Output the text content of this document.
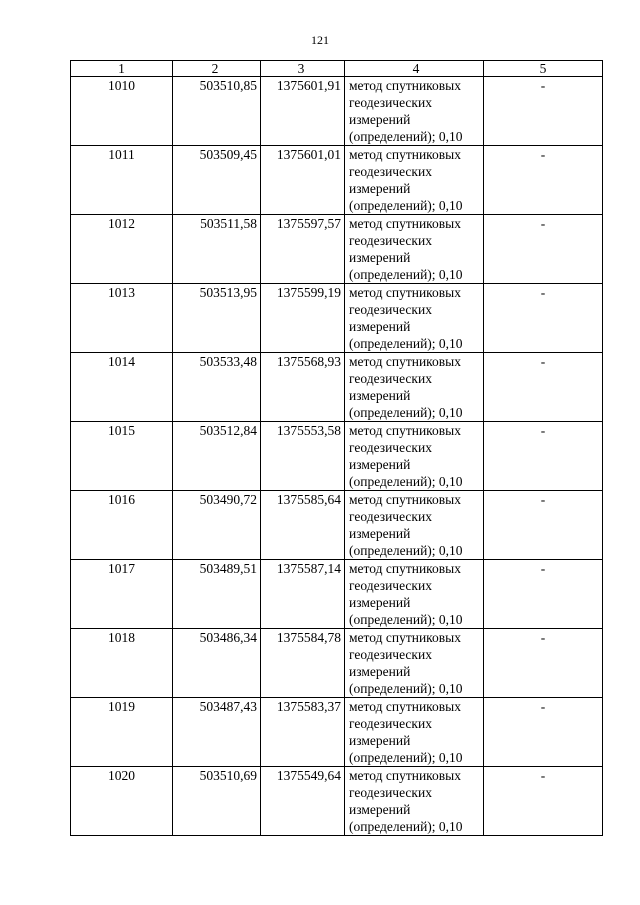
121
1	2	3	4	5
1010	503510,85	1375601,91	метод спутниковых геодезических измерений (определений); 0,10	-
1011	503509,45	1375601,01	метод спутниковых геодезических измерений (определений); 0,10	-
1012	503511,58	1375597,57	метод спутниковых геодезических измерений (определений); 0,10	-
1013	503513,95	1375599,19	метод спутниковых геодезических измерений (определений); 0,10	-
1014	503533,48	1375568,93	метод спутниковых геодезических измерений (определений); 0,10	-
1015	503512,84	1375553,58	метод спутниковых геодезических измерений (определений); 0,10	-
1016	503490,72	1375585,64	метод спутниковых геодезических измерений (определений); 0,10	-
1017	503489,51	1375587,14	метод спутниковых геодезических измерений (определений); 0,10	-
1018	503486,34	1375584,78	метод спутниковых геодезических измерений (определений); 0,10	-
1019	503487,43	1375583,37	метод спутниковых геодезических измерений (определений); 0,10	-
1020	503510,69	1375549,64	метод спутниковых геодезических измерений (определений); 0,10	-
